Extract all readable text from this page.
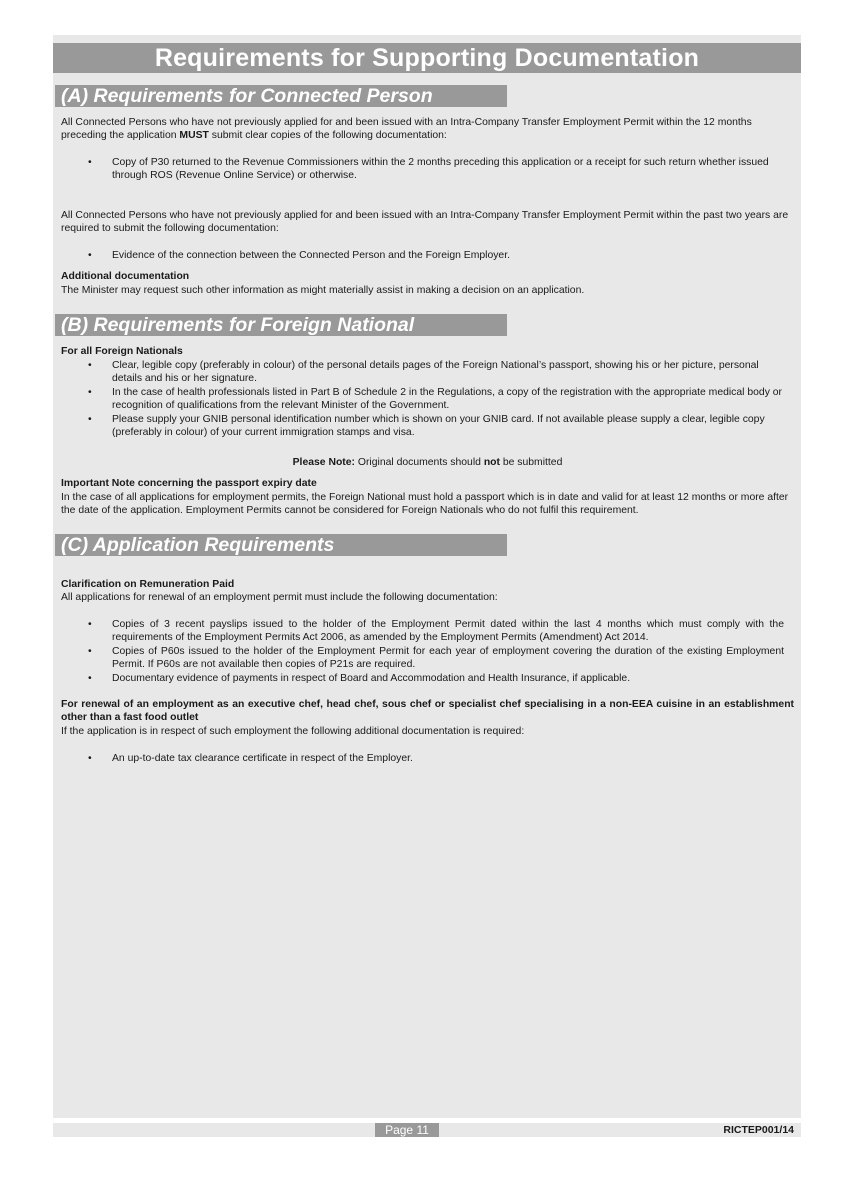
Requirements for Supporting Documentation
(A) Requirements for Connected Person

All Connected Persons who have not previously applied for and been issued with an Intra-Company Transfer Employment Permit within the 12 months preceding the application MUST submit clear copies of the following documentation:

• Copy of P30 returned to the Revenue Commissioners within the 2 months preceding this application or a receipt for such return whether issued through ROS (Revenue Online Service) or otherwise.

All Connected Persons who have not previously applied for and been issued with an Intra-Company Transfer Employment Permit within the past two years are required to submit the following documentation:

• Evidence of the connection between the Connected Person and the Foreign Employer.

Additional documentation

The Minister may request such other information as might materially assist in making a decision on an application.

(B) Requirements for Foreign National

For all Foreign Nationals

• Clear, legible copy (preferably in colour) of the personal details pages of the Foreign National’s passport, showing his or her picture, personal details and his or her signature.
• In the case of health professionals listed in Part B of Schedule 2 in the Regulations, a copy of the registration with the appropriate medical body or recognition of qualifications from the relevant Minister of the Government.
• Please supply your GNIB personal identification number which is shown on your GNIB card. If not available please supply a clear, legible copy (preferably in colour) of your current immigration stamps and visa.

Please Note: Original documents should not be submitted

Important Note concerning the passport expiry date

In the case of all applications for employment permits, the Foreign National must hold a passport which is in date and valid for at least 12 months or more after the date of the application. Employment Permits cannot be considered for Foreign Nationals who do not fulfil this requirement.

(C) Application Requirements

Clarification on Remuneration Paid

All applications for renewal of an employment permit must include the following documentation:

• Copies of 3 recent payslips issued to the holder of the Employment Permit dated within the last 4 months which must comply with the requirements of the Employment Permits Act 2006, as amended by the Employment Permits (Amendment) Act 2014.
• Copies of P60s issued to the holder of the Employment Permit for each year of employment covering the duration of the existing Employment Permit. If P60s are not available then copies of P21s are required.
• Documentary evidence of payments in respect of Board and Accommodation and Health Insurance, if applicable.

For renewal of an employment as an executive chef, head chef, sous chef or specialist chef specialising in a non-EEA cuisine in an establishment other than a fast food outlet

If the application is in respect of such employment the following additional documentation is required:

• An up-to-date tax clearance certificate in respect of the Employer.
Page 11	RICTEP001/14
